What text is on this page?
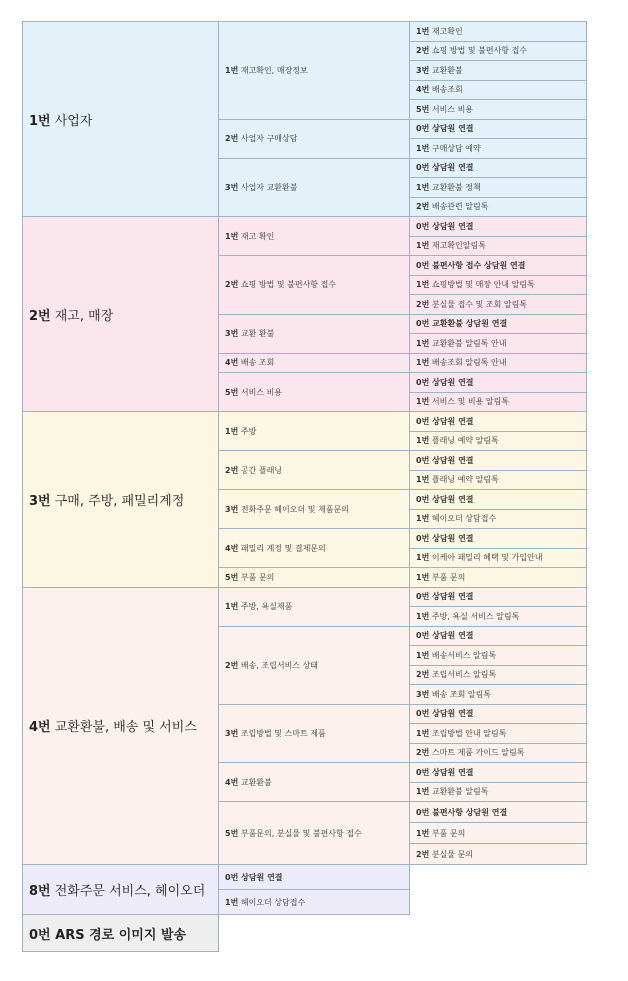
1번 사업자	1번 재고확인, 매장정보	1번 재고확인
		2번 쇼핑 방법 및 불편사항 접수
		3번 교환환불
		4번 배송조회
		5번 서비스 비용
	2번 사업자 구매상담	0번 상담원 연결
		1번 구매상담 예약
	3번 사업자 교환환불	0번 상담원 연결
		1번 교환환불 정책
		2번 배송관련 알림톡
2번 재고, 매장	1번 재고 확인	0번 상담원 연결
		1번 재고확인알림톡
	2번 쇼핑 방법 및 불편사항 접수	0번 불편사항 접수 상담원 연결
		1번 쇼핑방법 및 매장 안내 알림톡
		2번 분실물 접수 및 조회 알림톡
	3번 교환 환불	0번 교환환불 상담원 연결
		1번 교환환불 알림톡 안내
	4번 배송 조회	1번 배송조회 알림톡 안내
	5번 서비스 비용	0번 상담원 연결
		1번 서비스 및 비용 알림톡
3번 구매, 주방, 패밀리계정	1번 주방	0번 상담원 연결
		1번 플래닝 예약 알림톡
	2번 공간 플래닝	0번 상담원 연결
		1번 플래닝 예약 알림톡
	3번 전화주문 헤이오더 및 제품문의	0번 상담원 연결
		1번 헤이오더 상담접수
	4번 패밀리 계정 및 결제문의	0번 상담원 연결
		1번 이케아 패밀리 혜택 및 가입안내
	5번 부품 문의	1번 부품 문의
4번 교환환불, 배송 및 서비스	1번 주방, 욕실제품	0번 상담원 연결
		1번 주방, 욕실 서비스 알림톡
	2번 배송, 조립서비스 상태	0번 상담원 연결
		1번 배송서비스 알림톡
		2번 조립서비스 알림톡
		3번 배송 조회 알림톡
	3번 조립방법 및 스마트 제품	0번 상담원 연결
		1번 조립방법 안내 알림톡
		2번 스마트 제품 가이드 알림톡
	4번 교환환불	0번 상담원 연결
		1번 교환환불 알림톡
	5번 부품문의, 분실물 및 불편사항 접수	0번 불편사항 상담원 연결
		1번 부품 문의
		2번 분실물 문의
8번 전화주문 서비스, 헤이오더	0번 상담원 연결	
	1번 헤이오더 상담접수	
0번 ARS 경로 이미지 발송		
